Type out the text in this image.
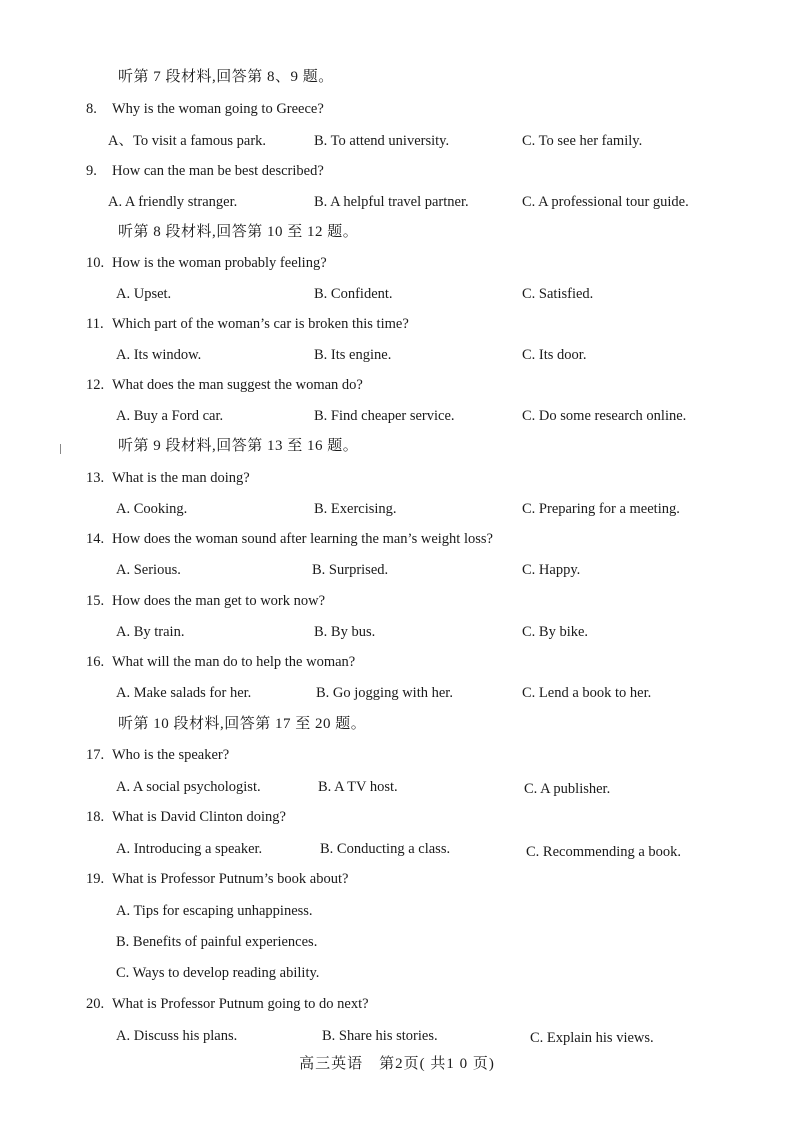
听第 7 段材料,回答第 8、9 题。
8. Why is the woman going to Greece?
A、To visit a famous park.	B. To attend university.	C. To see her family.
9. How can the man be best described?
A. A friendly stranger.	B. A helpful travel partner.	C. A professional tour guide.
听第 8 段材料,回答第 10 至 12 题。
10. How is the woman probably feeling?
A. Upset.	B. Confident.	C. Satisfied.
11. Which part of the woman’s car is broken this time?
A. Its window.	B. Its engine.	C. Its door.
12. What does the man suggest the woman do?
A. Buy a Ford car.	B. Find cheaper service.	C. Do some research online.
听第 9 段材料,回答第 13 至 16 题。
13. What is the man doing?
A. Cooking.	B. Exercising.	C. Preparing for a meeting.
14. How does the woman sound after learning the man’s weight loss?
A. Serious.	B. Surprised.	C. Happy.
15. How does the man get to work now?
A. By train.	B. By bus.	C. By bike.
16. What will the man do to help the woman?
A. Make salads for her.	B. Go jogging with her.	C. Lend a book to her.
听第 10 段材料,回答第 17 至 20 题。
17. Who is the speaker?
A. A social psychologist.	B. A TV host.	C. A publisher.
18. What is David Clinton doing?
A. Introducing a speaker.	B. Conducting a class.	C. Recommending a book.
19. What is Professor Putnum’s book about?
A. Tips for escaping unhappiness.
B. Benefits of painful experiences.
C. Ways to develop reading ability.
20. What is Professor Putnum going to do next?
A. Discuss his plans.	B. Share his stories.	C. Explain his views.
高三英语　第2页( 共1 0 页)
